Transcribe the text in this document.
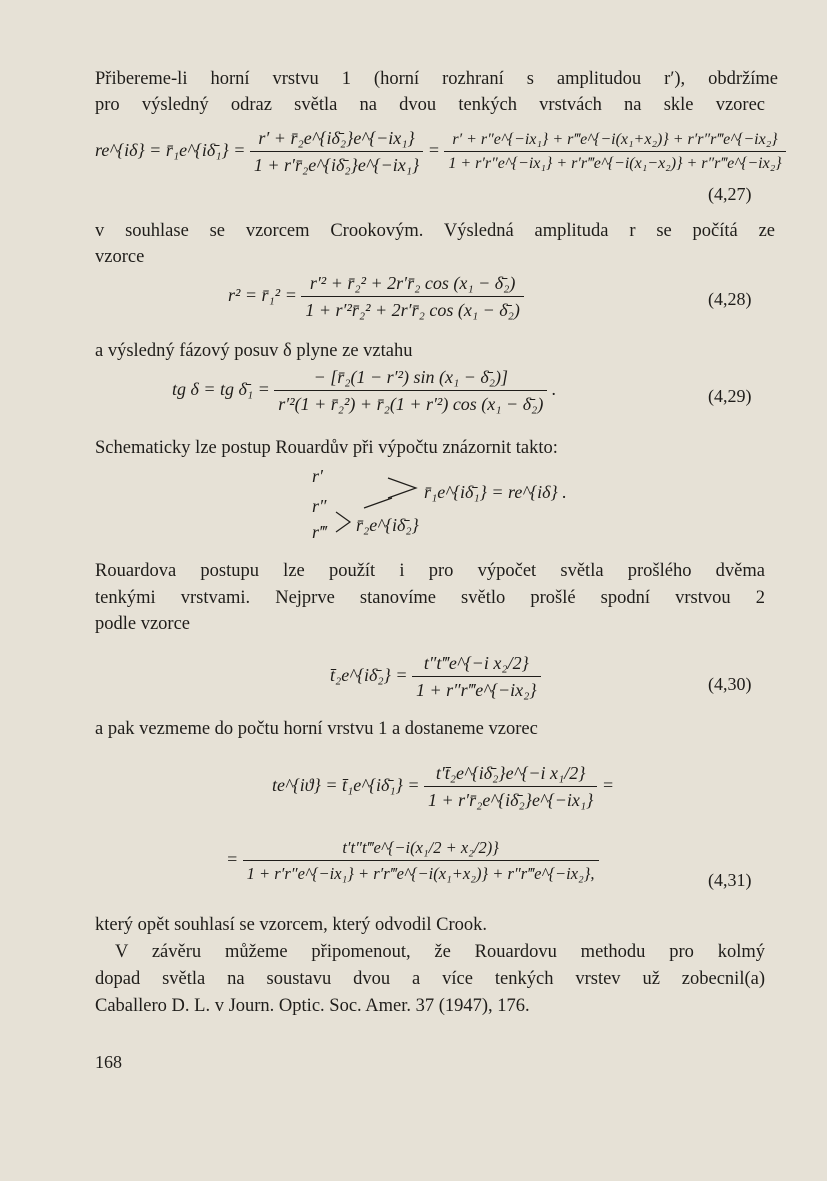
Přibereme-li horní vrstvu 1 (horní rozhraní s amplitudou r′), obdržíme
pro výsledný odraz světla na dvou tenkých vrstvách na skle vzorec
re^{iδ} = r̄₁e^{iδ̄₁} = $\frac{\text{r′ + r̄₂e\textasciicircum{}\{iδ̄₂\}e\textasciicircum{}\{−ix₁\}}}{\text{1 + r′r̄₂e\textasciicircum{}\{iδ̄₂\}e\textasciicircum{}\{−ix₁\}}} = \frac{\text{r′ + r″e\textasciicircum{}\{−ix₁\} + r‴e\textasciicircum{}\{−i(x₁+x₂)\} + r′r″r‴e\textasciicircum{}\{−ix₂\}}}{\text{1 + r′r″e\textasciicircum{}\{−ix₁\} + r′r‴e\textasciicircum{}\{−i(x₁−x₂)\} + r″r‴e\textasciicircum{}\{−ix₂\}}}$
(4,27)
v souhlase se vzorcem Crookovým. Výsledná amplituda r se počítá ze
vzorce
r² = r̄₁² = $\frac{\text{r′² + r̄₂² + 2r′r̄₂ cos (x₁ − δ̄₂)}}{\text{1 + r′²r̄₂² + 2r′r̄₂ cos (x₁ − δ̄₂)}}$	(4,28)
a výsledný fázový posuv δ plyne ze vztahu
tg δ = tg δ̄₁ = $\frac{\text{− [r̄₂(1 − r′²) sin (x₁ − δ̄₂)]}}{\text{r′²(1 + r̄₂²) + r̄₂(1 + r′²) cos (x₁ − δ̄₂)}}$ .	(4,29)
Schematicky lze postup Rouardův při výpočtu znázornit takto:
r′
r″
r‴ r̄₂e^{iδ̄₂}
r̄₁e^{iδ̄₁} = re^{iδ} .
Rouardova postupu lze použít i pro výpočet světla prošlého dvěma
tenkými vrstvami. Nejprve stanovíme světlo prošlé spodní vrstvou 2
podle vzorce
t̄₂e^{iδ̄₂} = $\frac{\text{t″t‴e\textasciicircum{}\{−i x₂/2\}}}{\text{1 + r″r‴e\textasciicircum{}\{−ix₂\}}}$	(4,30)
a pak vezmeme do počtu horní vrstvu 1 a dostaneme vzorec
te^{iϑ} = t̄₁e^{iδ̄₁} = $\frac{\text{t′t̄₂e\textasciicircum{}\{iδ̄₂\}e\textasciicircum{}\{−i x₁/2\}}}{\text{1 + r′r̄₂e\textasciicircum{}\{iδ̄₂\}e\textasciicircum{}\{−ix₁\}}}$ =
= $\frac{\text{t′t″t‴e\textasciicircum{}\{−i(x₁/2 + x₂/2)\}}}{\text{1 + r′r″e\textasciicircum{}\{−ix₁\} + r′r‴e\textasciicircum{}\{−i(x₁+x₂)\} + r″r‴e\textasciicircum{}\{−ix₂\},}}$	(4,31)
který opět souhlasí se vzorcem, který odvodil Crook.
V závěru můžeme připomenout, že Rouardovu methodu pro kolmý
dopad světla na soustavu dvou a více tenkých vrstev už zobecnil(a)
Caballero D. L. v Journ. Optic. Soc. Amer. 37 (1947), 176.
168
